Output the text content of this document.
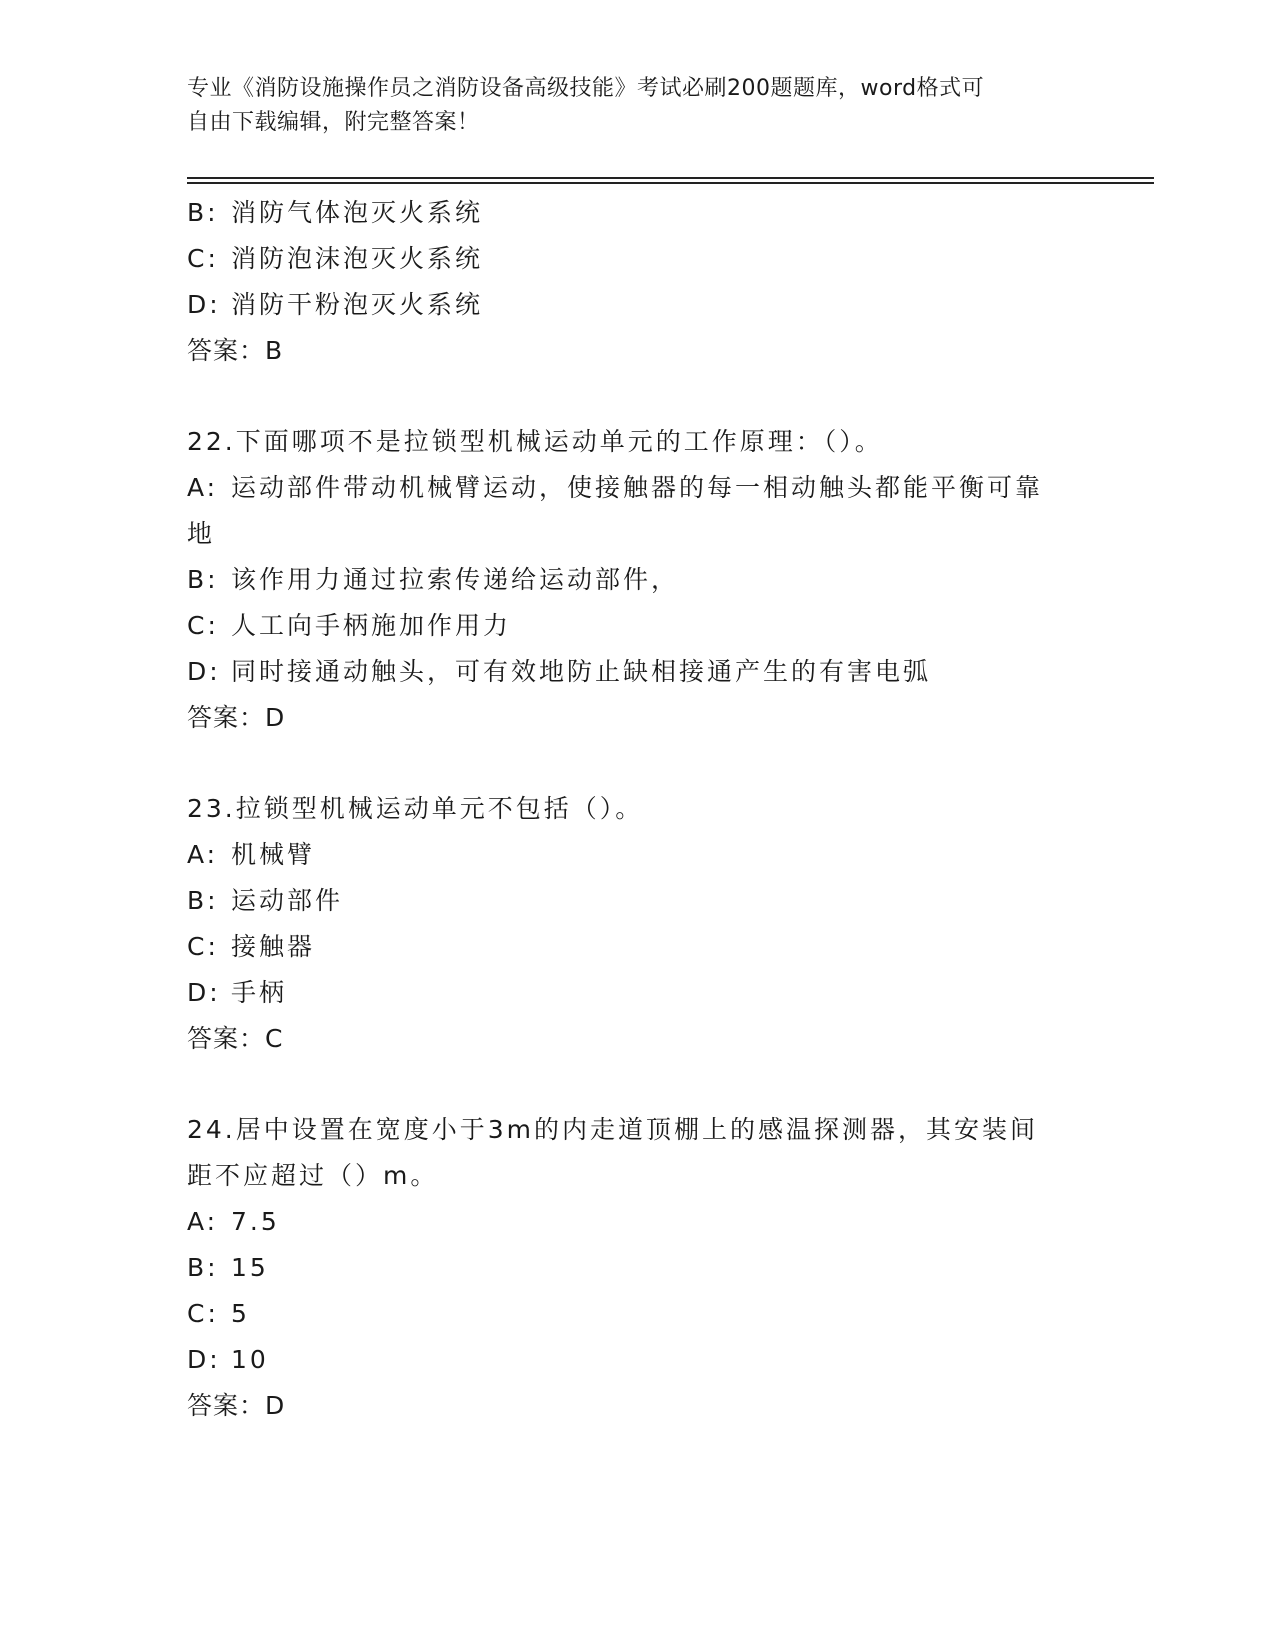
专业《消防设施操作员之消防设备高级技能》考试必刷200题题库，word格式可
自由下载编辑，附完整答案！
B: 消防气体泡灭火系统
C: 消防泡沫泡灭火系统
D: 消防干粉泡灭火系统
答案：B
22.下面哪项不是拉锁型机械运动单元的工作原理：（）。
A: 运动部件带动机械臂运动，使接触器的每一相动触头都能平衡可靠
地
B: 该作用力通过拉索传递给运动部件，
C: 人工向手柄施加作用力
D: 同时接通动触头，可有效地防止缺相接通产生的有害电弧
答案：D
23.拉锁型机械运动单元不包括（）。
A: 机械臂
B: 运动部件
C: 接触器
D: 手柄
答案：C
24.居中设置在宽度小于3m的内走道顶棚上的感温探测器，其安装间
距不应超过（）m。
A: 7.5
B: 15
C: 5
D: 10
答案：D
